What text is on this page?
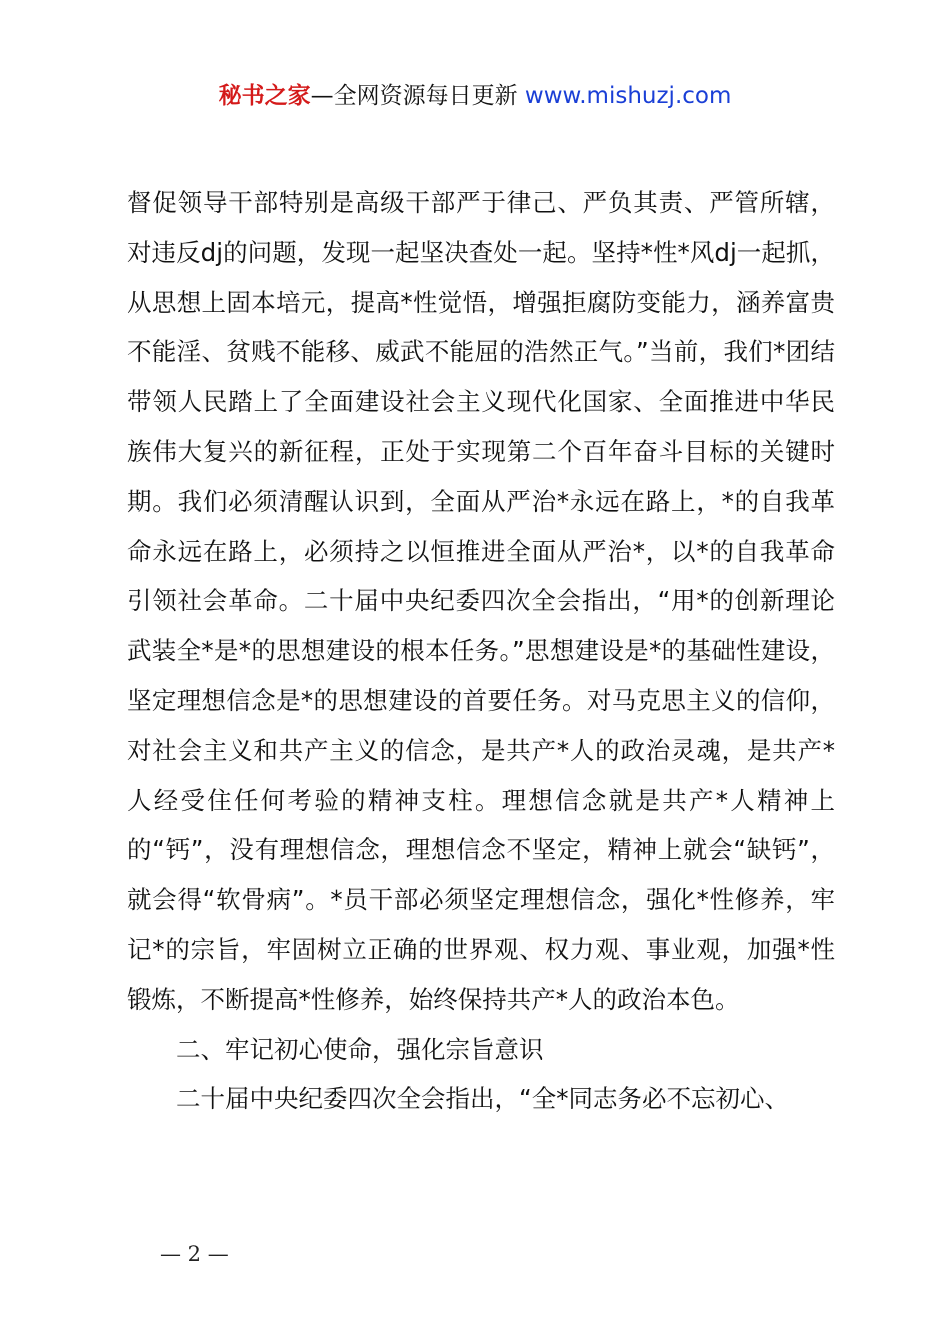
秘书之家—全网资源每日更新 www.mishuzj.com

督促领导干部特别是高级干部严于律己、严负其责、严管所辖，对违反dj的问题，发现一起坚决查处一起。坚持*性*风dj一起抓，从思想上固本培元，提高*性觉悟，增强拒腐防变能力，涵养富贵不能淫、贫贱不能移、威武不能屈的浩然正气。”当前，我们*团结带领人民踏上了全面建设社会主义现代化国家、全面推进中华民族伟大复兴的新征程，正处于实现第二个百年奋斗目标的关键时期。我们必须清醒认识到，全面从严治*永远在路上，*的自我革命永远在路上，必须持之以恒推进全面从严治*，以*的自我革命引领社会革命。二十届中央纪委四次全会指出，“用*的创新理论武装全*是*的思想建设的根本任务。”思想建设是*的基础性建设，坚定理想信念是*的思想建设的首要任务。对马克思主义的信仰，对社会主义和共产主义的信念，是共产*人的政治灵魂，是共产*人经受住任何考验的精神支柱。理想信念就是共产*人精神上的“钙”，没有理想信念，理想信念不坚定，精神上就会“缺钙”，就会得“软骨病”。*员干部必须坚定理想信念，强化*性修养，牢记*的宗旨，牢固树立正确的世界观、权力观、事业观，加强*性锻炼，不断提高*性修养，始终保持共产*人的政治本色。

二、牢记初心使命，强化宗旨意识

二十届中央纪委四次全会指出，“全*同志务必不忘初心、

— 2 —
